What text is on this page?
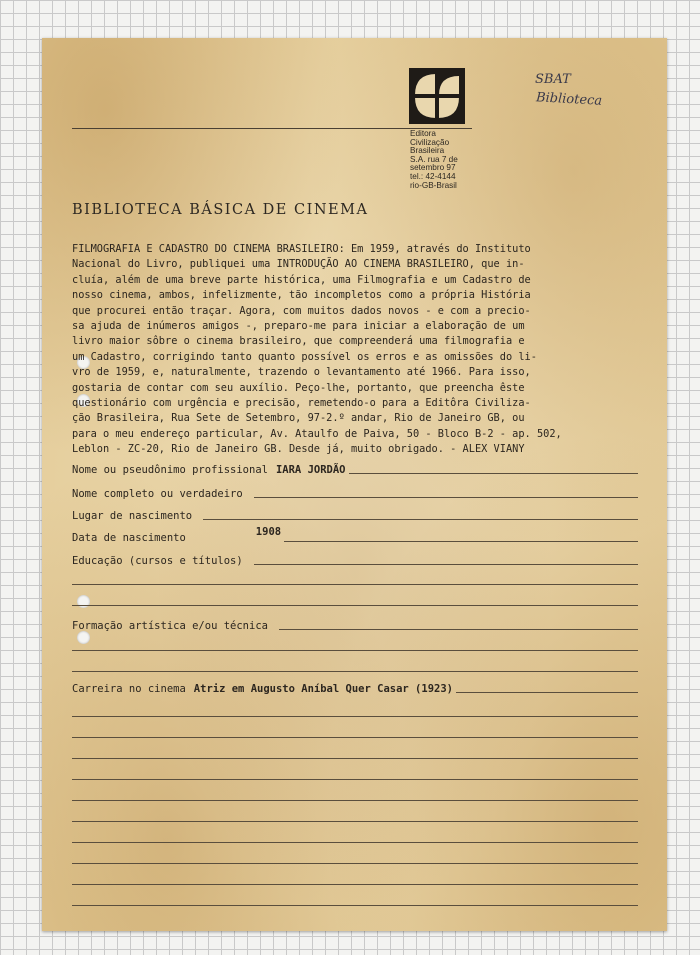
Editora
Civilização
Brasileira
S.A. rua 7 de
setembro 97
tel.: 42-4144
rio-GB-Brasil
SBAT
Biblioteca
BIBLIOTECA BÁSICA DE CINEMA
FILMOGRAFIA E CADASTRO DO CINEMA BRASILEIRO: Em 1959, através do Instituto
Nacional do Livro, publiquei uma INTRODUÇÃO AO CINEMA BRASILEIRO, que in-
cluía, além de uma breve parte histórica, uma Filmografia e um Cadastro de
nosso cinema, ambos, infelizmente, tão incompletos como a própria História
que procurei então traçar. Agora, com muitos dados novos - e com a precio-
sa ajuda de inúmeros amigos -, preparo-me para iniciar a elaboração de um
livro maior sôbre o cinema brasileiro, que compreenderá uma filmografia e
um Cadastro, corrigindo tanto quanto possível os erros e as omissões do li-
vro de 1959, e, naturalmente, trazendo o levantamento até 1966. Para isso,
gostaria de contar com seu auxílio. Peço-lhe, portanto, que preencha êste
questionário com urgência e precisão, remetendo-o para a Editôra Civiliza-
ção Brasileira, Rua Sete de Setembro, 97-2.º andar, Rio de Janeiro GB, ou
para o meu endereço particular, Av. Ataulfo de Paiva, 50 - Bloco B-2 - ap. 502,
Leblon - ZC-20, Rio de Janeiro GB. Desde já, muito obrigado. - ALEX VIANY
Nome ou pseudônimo profissional IARA JORDÃO
Nome completo ou verdadeiro
Lugar de nascimento
Data de nascimento	1908
Educação (cursos e títulos)
Formação artística e/ou técnica
Carreira no cinema Atriz em Augusto Aníbal Quer Casar (1923)
